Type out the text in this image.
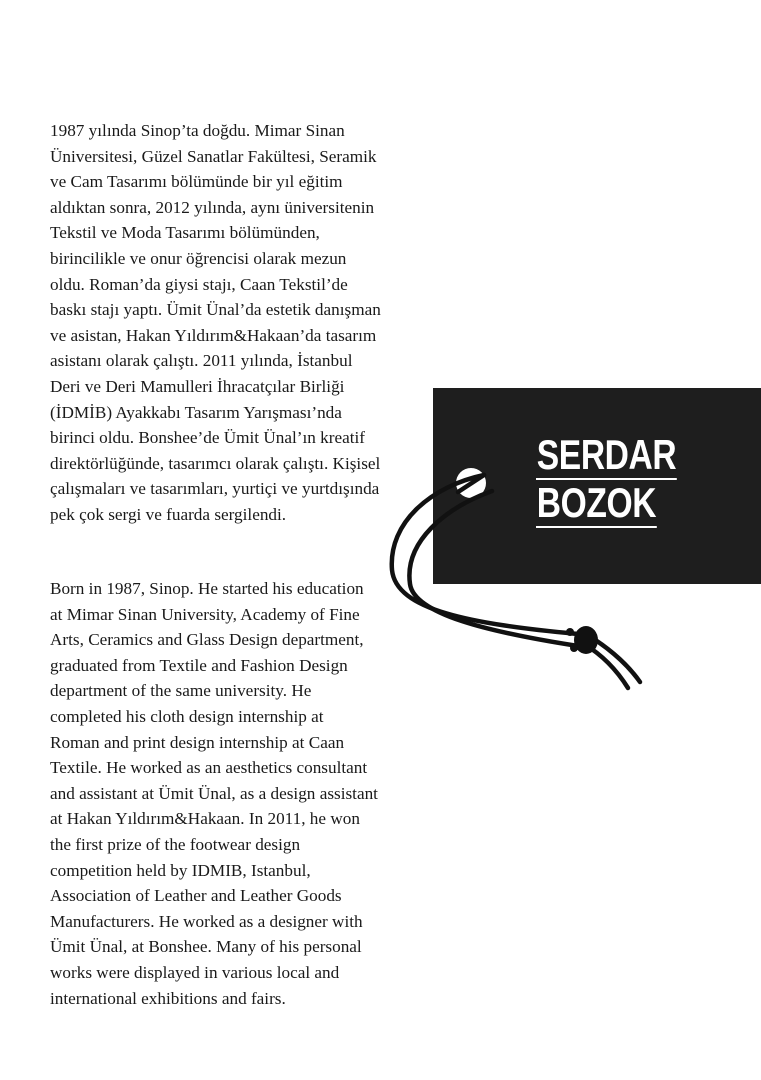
1987 yılında Sinop’ta doğdu. Mimar Sinan
Üniversitesi, Güzel Sanatlar Fakültesi, Seramik
ve Cam Tasarımı bölümünde bir yıl eğitim
aldıktan sonra, 2012 yılında, aynı üniversitenin
Tekstil ve Moda Tasarımı bölümünden,
birincilikle ve onur öğrencisi olarak mezun
oldu. Roman’da giysi stajı, Caan Tekstil’de
baskı stajı yaptı. Ümit Ünal’da estetik danışman
ve asistan, Hakan Yıldırım&Hakaan’da tasarım
asistanı olarak çalıştı. 2011 yılında, İstanbul
Deri ve Deri Mamulleri İhracatçılar Birliği
(İDMİB) Ayakkabı Tasarım Yarışması’nda
birinci oldu. Bonshee’de Ümit Ünal’ın kreatif
direktörlüğünde, tasarımcı olarak çalıştı. Kişisel
çalışmaları ve tasarımları, yurtiçi ve yurtdışında
pek çok sergi ve fuarda sergilendi.

Born in 1987, Sinop. He started his education
at Mimar Sinan University, Academy of Fine
Arts, Ceramics and Glass Design department,
graduated from Textile and Fashion Design
department of the same university. He
completed his cloth design internship at
Roman and print design internship at Caan
Textile. He worked as an aesthetics consultant
and assistant at Ümit Ünal, as a design assistant
at Hakan Yıldırım&Hakaan. In 2011, he won
the first prize of the footwear design
competition held by IDMIB, Istanbul,
Association of Leather and Leather Goods
Manufacturers. He worked as a designer with
Ümit Ünal, at Bonshee. Many of his personal
works were displayed in various local and
international exhibitions and fairs.

SERDAR
BOZOK
